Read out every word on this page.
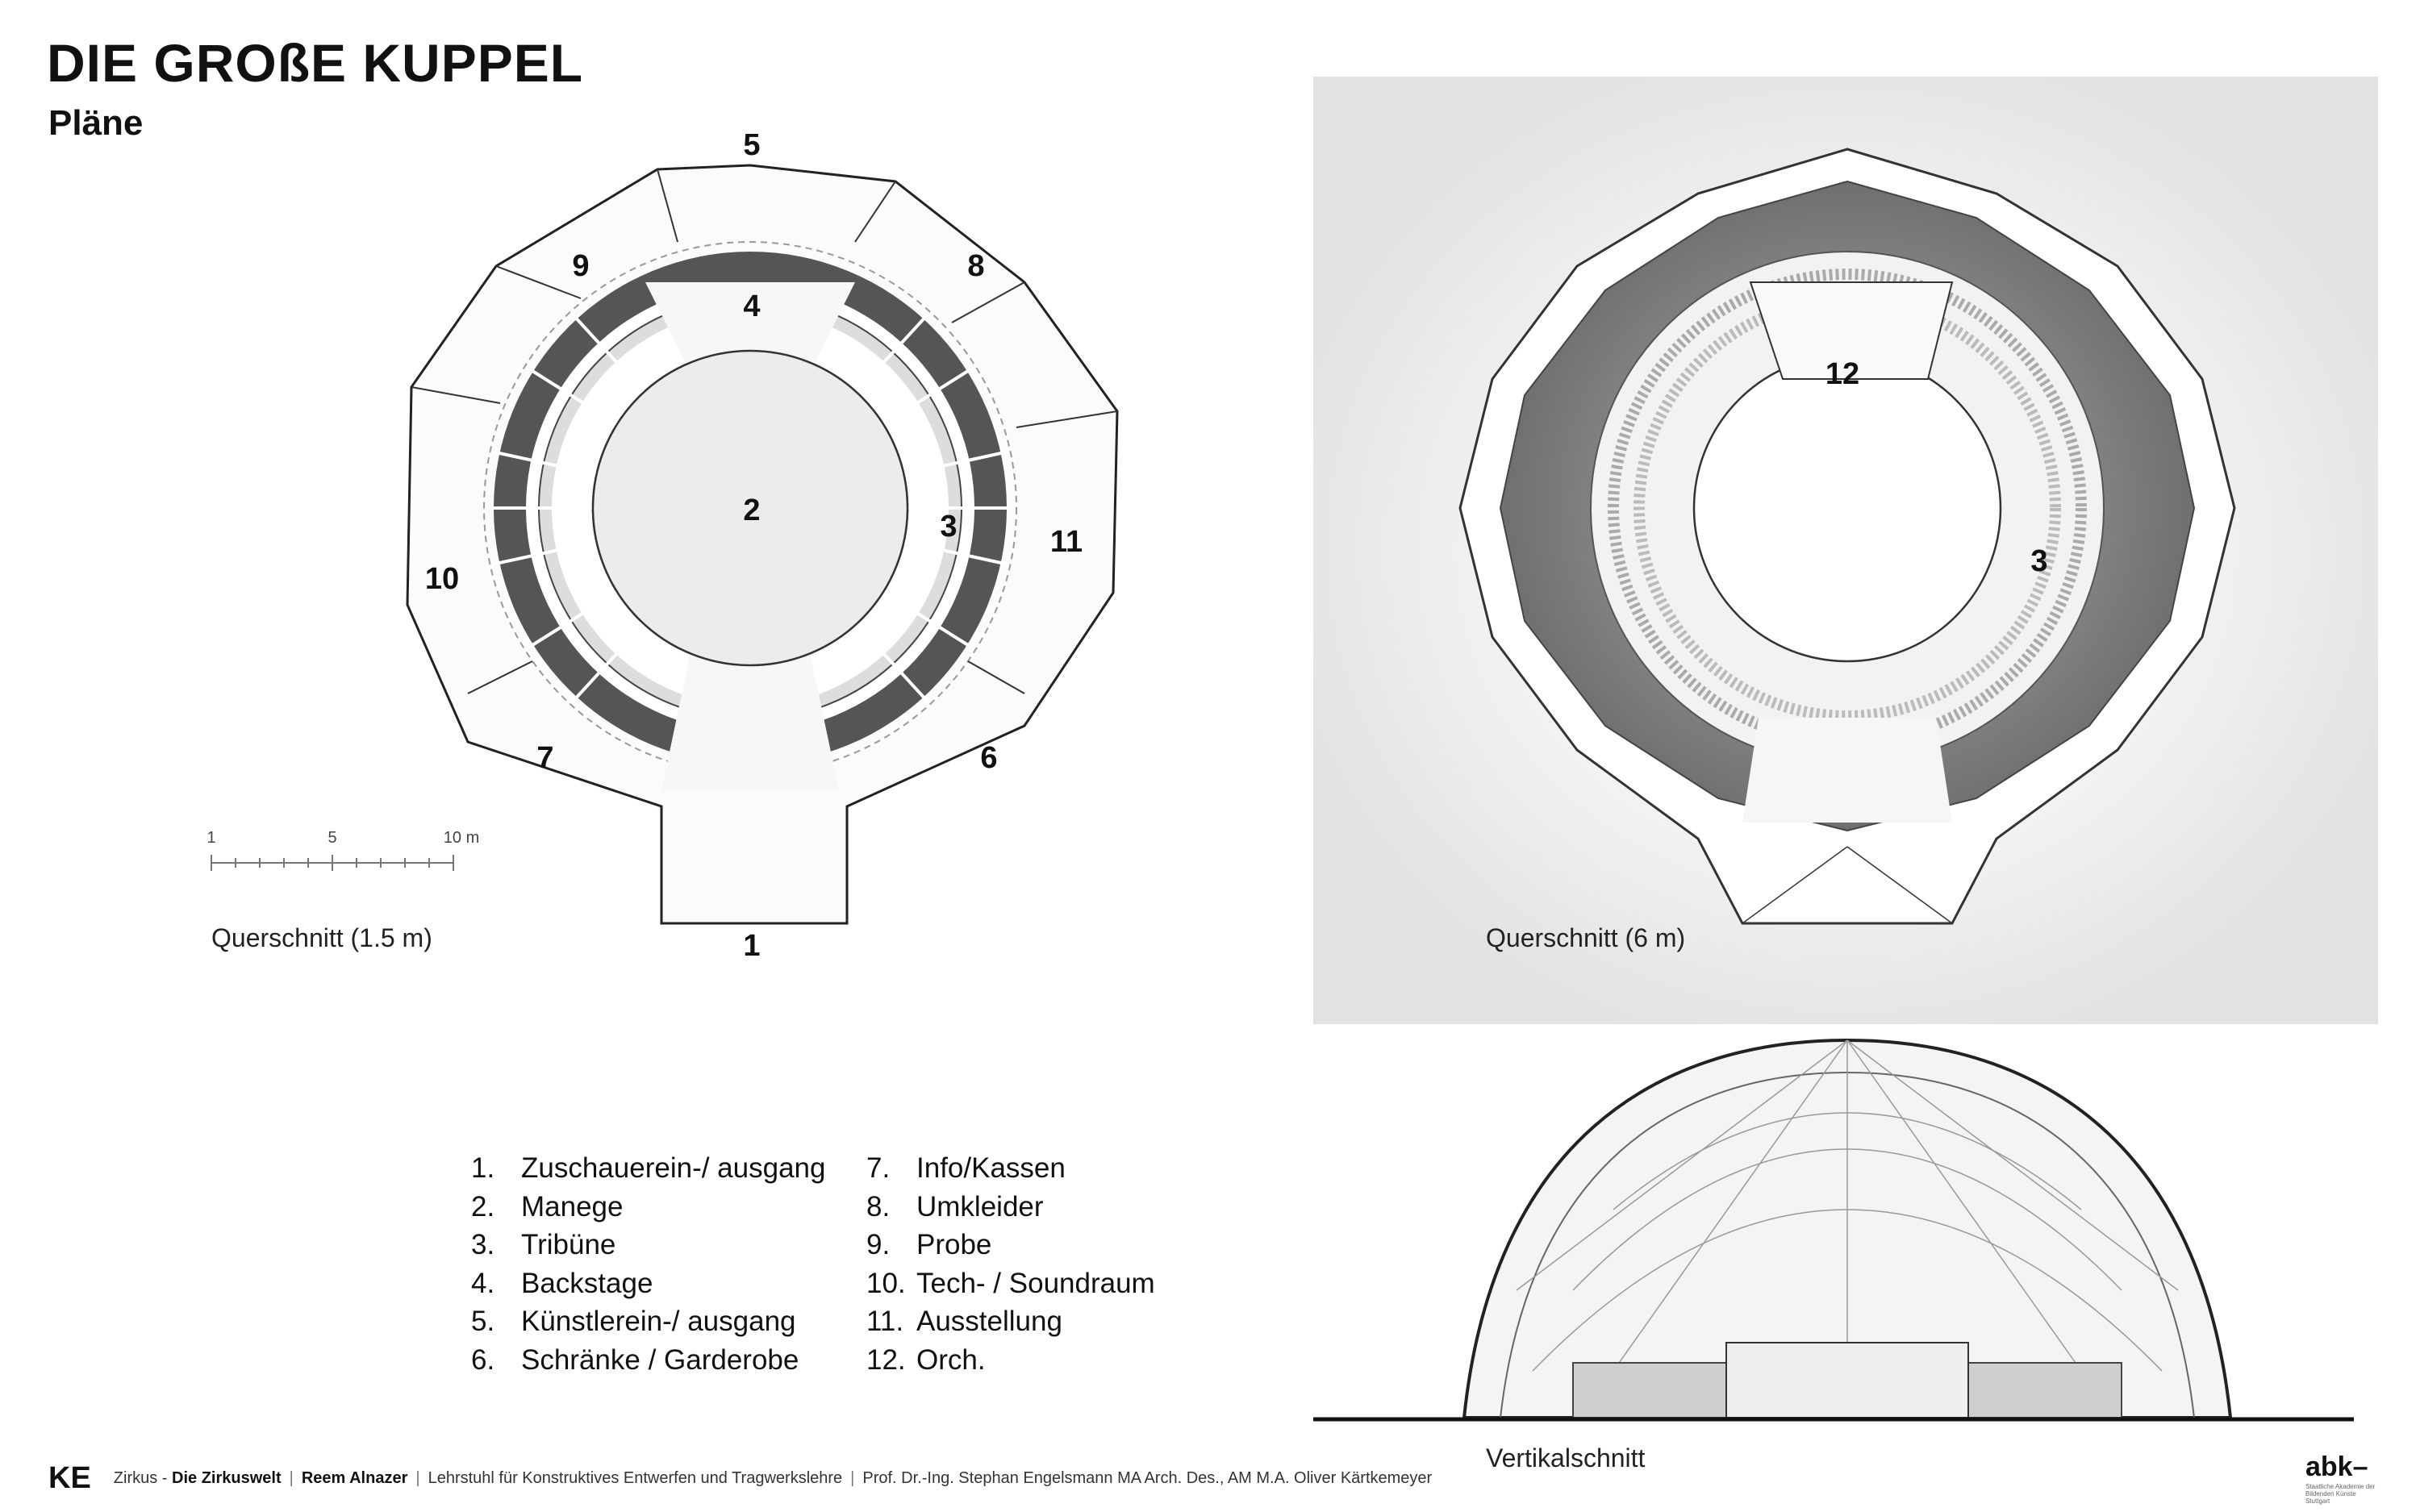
DIE GROßE KUPPEL
Pläne
1	5	10 m
1
2	3
4
5
6
7
8
9
10
11
12
3
Querschnitt (1.5 m)	Querschnitt (6 m)
Vertikalschnitt
1. Zuschauerein-/ ausgang
2. Manege
3. Tribüne
4. Backstage
5. Künstlerein-/ ausgang
6. Schränke / Garderobe
7. Info/Kassen
8. Umkleider
9. Probe
10. Tech- / Soundraum
11. Ausstellung
12. Orch.
KE Zirkus - Die Zirkuswelt | Reem Alnazer | Lehrstuhl für Konstruktives Entwerfen und Tragwerkslehre | Prof. Dr.-Ing. Stephan Engelsmann MA Arch. Des., AM M.A. Oliver Kärtkemeyer	abk–
Staatliche Akademie der Bildenden Künste Stuttgart
